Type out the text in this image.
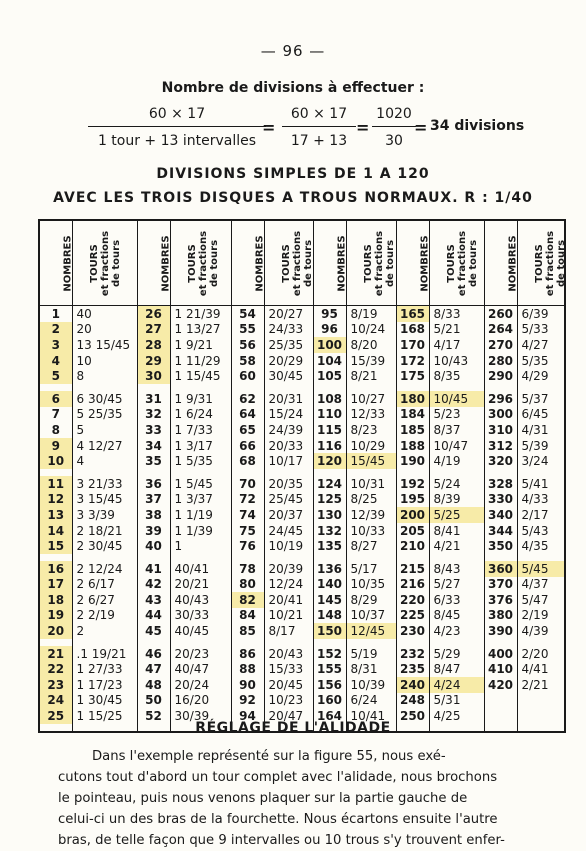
— 96 —
Nombre de divisions à effectuer :
60 × 17
1 tour + 13 intervalles
= $\frac{60 \times 17}{17 + 13} = \frac{1020}{30}$
= 34 divisions
DIVISIONS SIMPLES DE 1 A 120
AVEC LES TROIS DISQUES A TROUS NORMAUX. R : 1/40
NOMBRES	TOURS et fractions de tours	NOMBRES	TOURS et fractions de tours	NOMBRES	TOURS et fractions de tours	NOMBRES	TOURS et fractions de tours	NOMBRES	TOURS et fractions de tours	NOMBRES	TOURS et fractions de tours

1	40	26	1 21/39	54	20/27	95	8/19	165	8/33	260	6/39
2	20	27	1 13/27	55	24/33	96	10/24	168	5/21	264	5/33
3	13 15/45	28	1 9/21	56	25/35	100	8/20	170	4/17	270	4/27
4	10	29	1 11/29	58	20/29	104	15/39	172	10/43	280	5/35
5	8	30	1 15/45	60	30/45	105	8/21	175	8/35	290	4/29

6	6 30/45	31	1 9/31	62	20/31	108	10/27	180	10/45	296	5/37
7	5 25/35	32	1 6/24	64	15/24	110	12/33	184	5/23	300	6/45
8	5	33	1 7/33	65	24/39	115	8/23	185	8/37	310	4/31
9	4 12/27	34	1 3/17	66	20/33	116	10/29	188	10/47	312	5/39
10	4	35	1 5/35	68	10/17	120	15/45	190	4/19	320	3/24

11	3 21/33	36	1 5/45	70	20/35	124	10/31	192	5/24	328	5/41
12	3 15/45	37	1 3/37	72	25/45	125	8/25	195	8/39	330	4/33
13	3 3/39	38	1 1/19	74	20/37	130	12/39	200	5/25	340	2/17
14	2 18/21	39	1 1/39	75	24/45	132	10/33	205	8/41	344	5/43
15	2 30/45	40	1	76	10/19	135	8/27	210	4/21	350	4/35

16	2 12/24	41	40/41	78	20/39	136	5/17	215	8/43	360	5/45
17	2 6/17	42	20/21	80	12/24	140	10/35	216	5/27	370	4/37
18	2 6/27	43	40/43	82	20/41	145	8/29	220	6/33	376	5/47
19	2 2/19	44	30/33	84	10/21	148	10/37	225	8/45	380	2/19
20	2	45	40/45	85	8/17	150	12/45	230	4/23	390	4/39

21	.1 19/21	46	20/23	86	20/43	152	5/19	232	5/29	400	2/20
22	1 27/33	47	40/47	88	15/33	155	8/31	235	8/47	410	4/41
23	1 17/23	48	20/24	90	20/45	156	10/39	240	4/24	420	2/21
24	1 30/45	50	16/20	92	10/23	160	6/24	248	5/31		
25	1 15/25	52	30/39	94	20/47	164	10/41	250	4/25		

RÉGLAGE DE L'ALIDADE
Dans l'exemple représenté sur la figure 55, nous exé-
cutons tout d'abord un tour complet avec l'alidade, nous brochons
le pointeau, puis nous venons plaquer sur la partie gauche de
celui-ci un des bras de la fourchette. Nous écartons ensuite l'autre
bras, de telle façon que 9 intervalles ou 10 trous s'y trouvent enfer-
